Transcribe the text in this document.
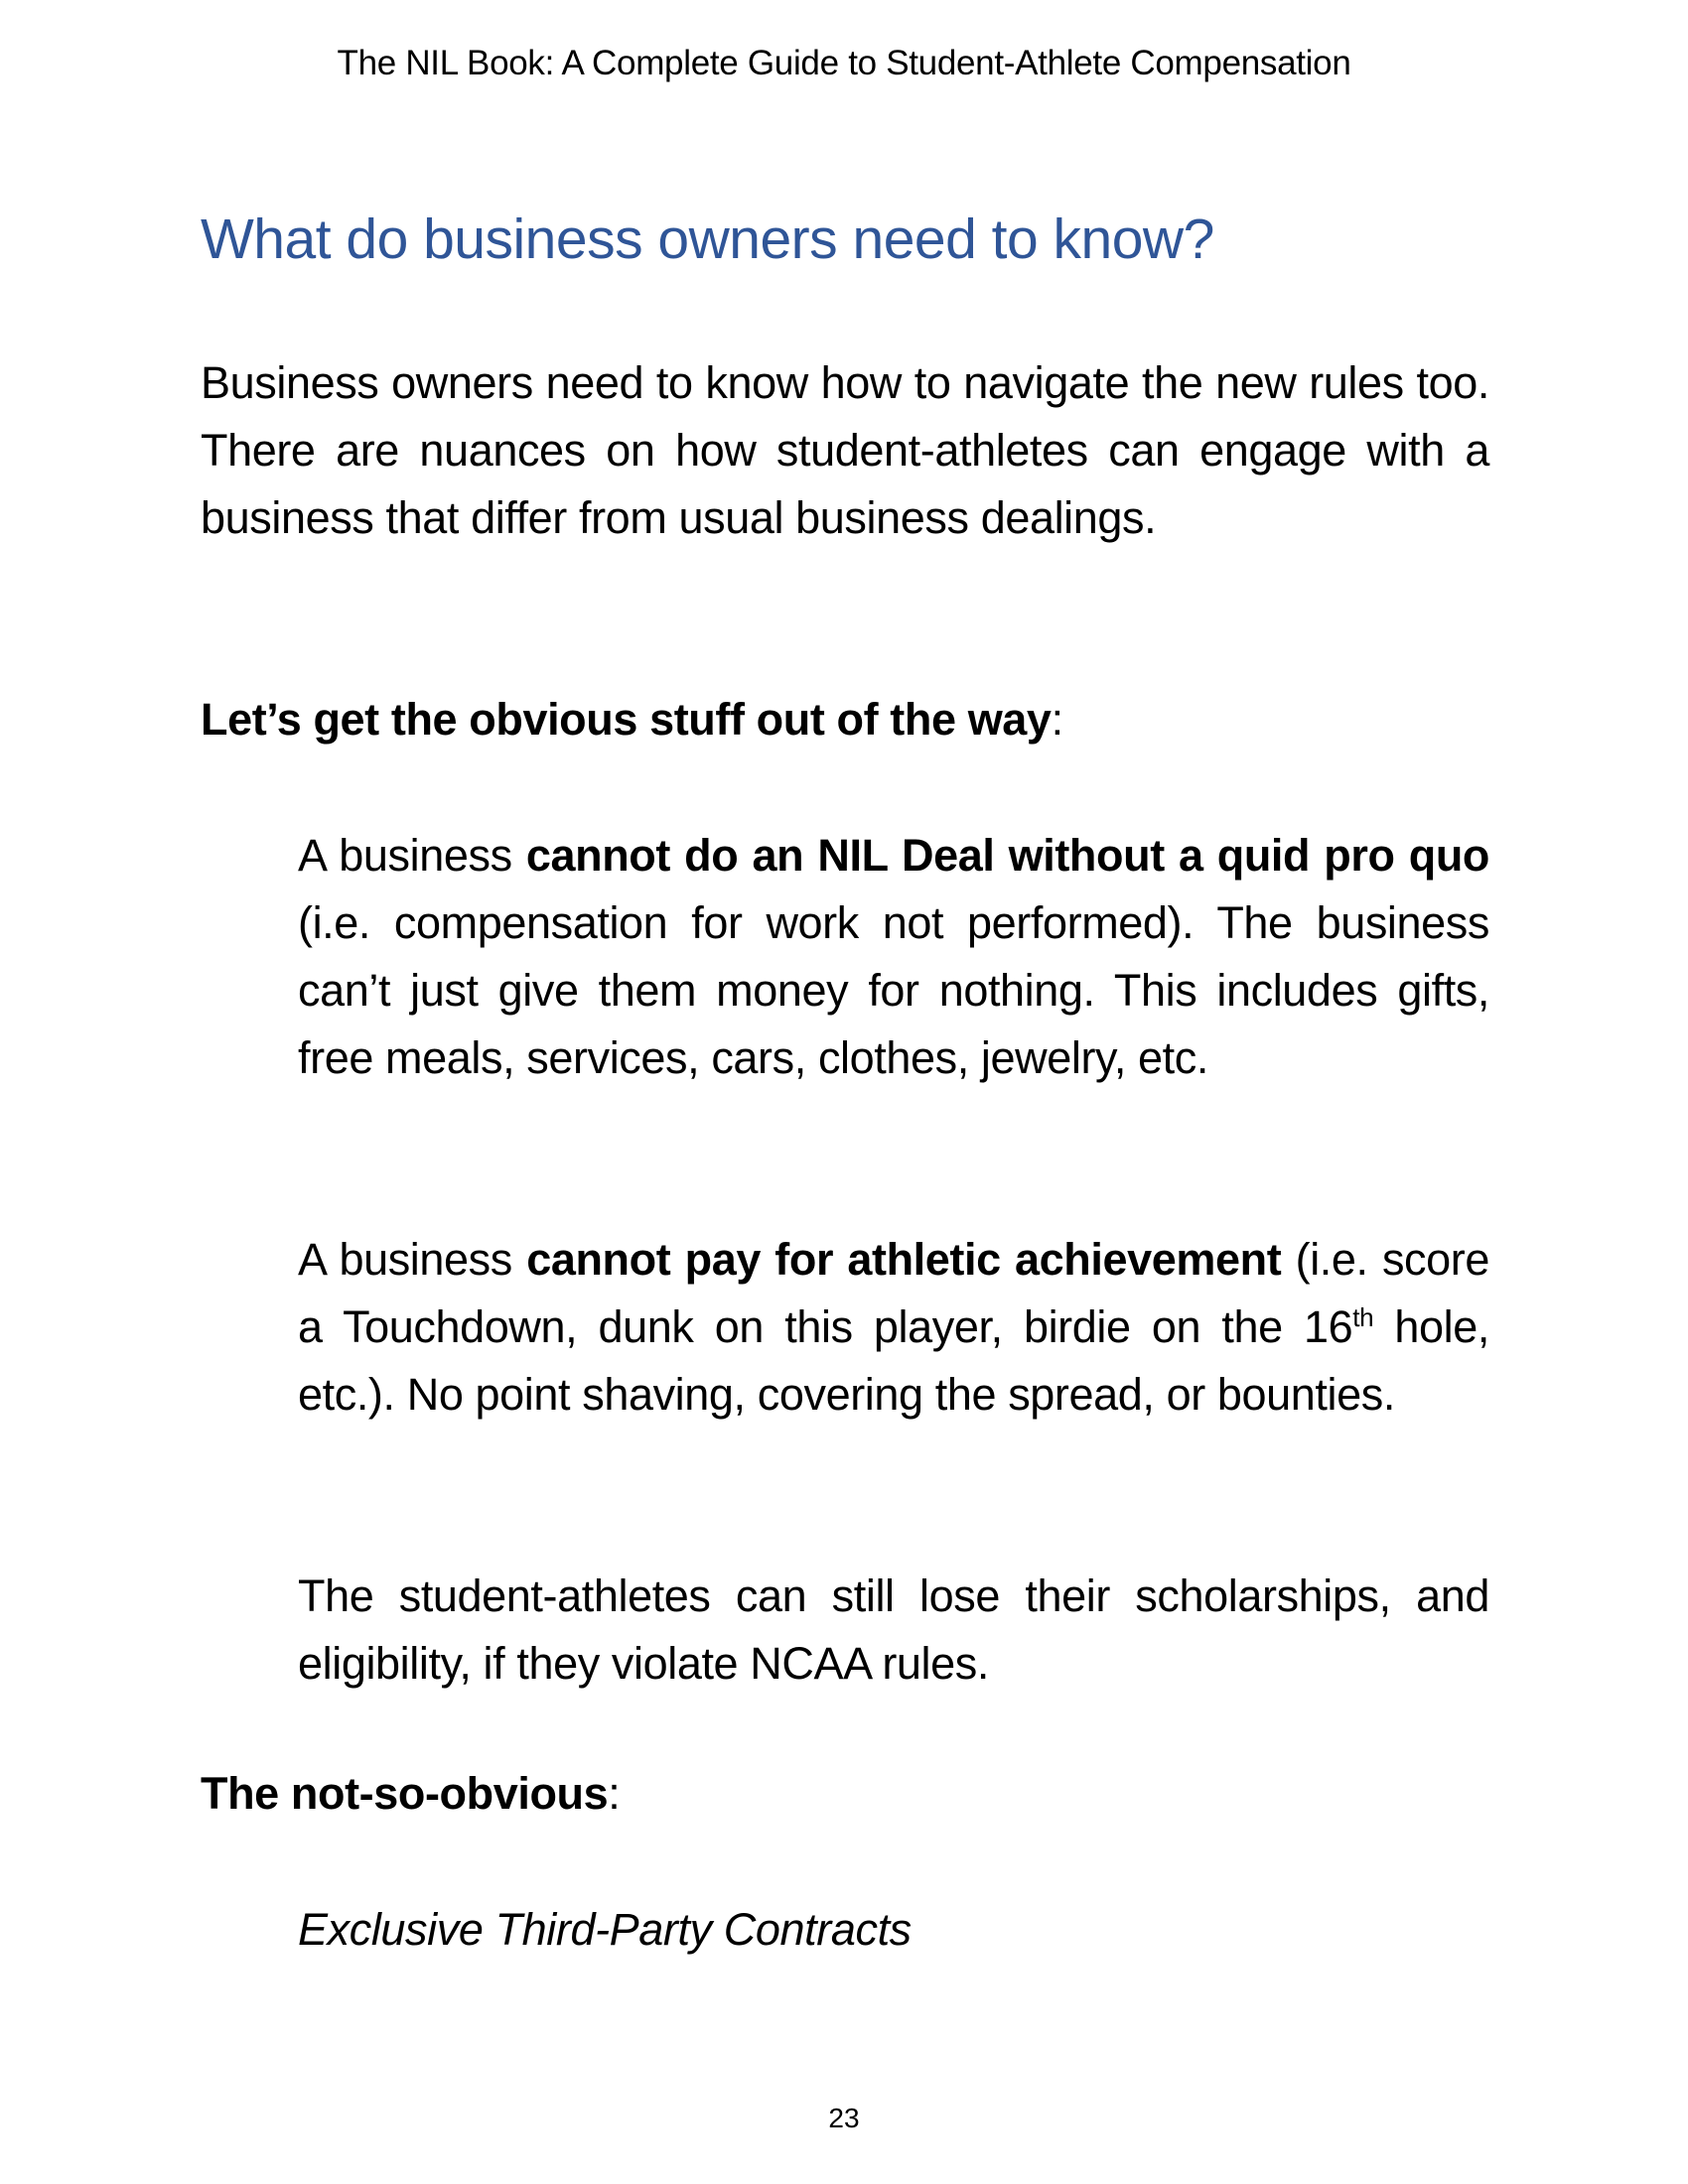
The NIL Book: A Complete Guide to Student-Athlete Compensation
What do business owners need to know?

Business owners need to know how to navigate the new rules too. There are nuances on how student-athletes can engage with a business that differ from usual business dealings.

Let’s get the obvious stuff out of the way:

A business cannot do an NIL Deal without a quid pro quo (i.e. compensation for work not performed). The business can’t just give them money for nothing. This includes gifts, free meals, services, cars, clothes, jewelry, etc.

A business cannot pay for athletic achievement (i.e. score a Touchdown, dunk on this player, birdie on the 16th hole, etc.). No point shaving, covering the spread, or bounties.

The student-athletes can still lose their scholarships, and eligibility, if they violate NCAA rules.

The not-so-obvious:

Exclusive Third-Party Contracts

23
